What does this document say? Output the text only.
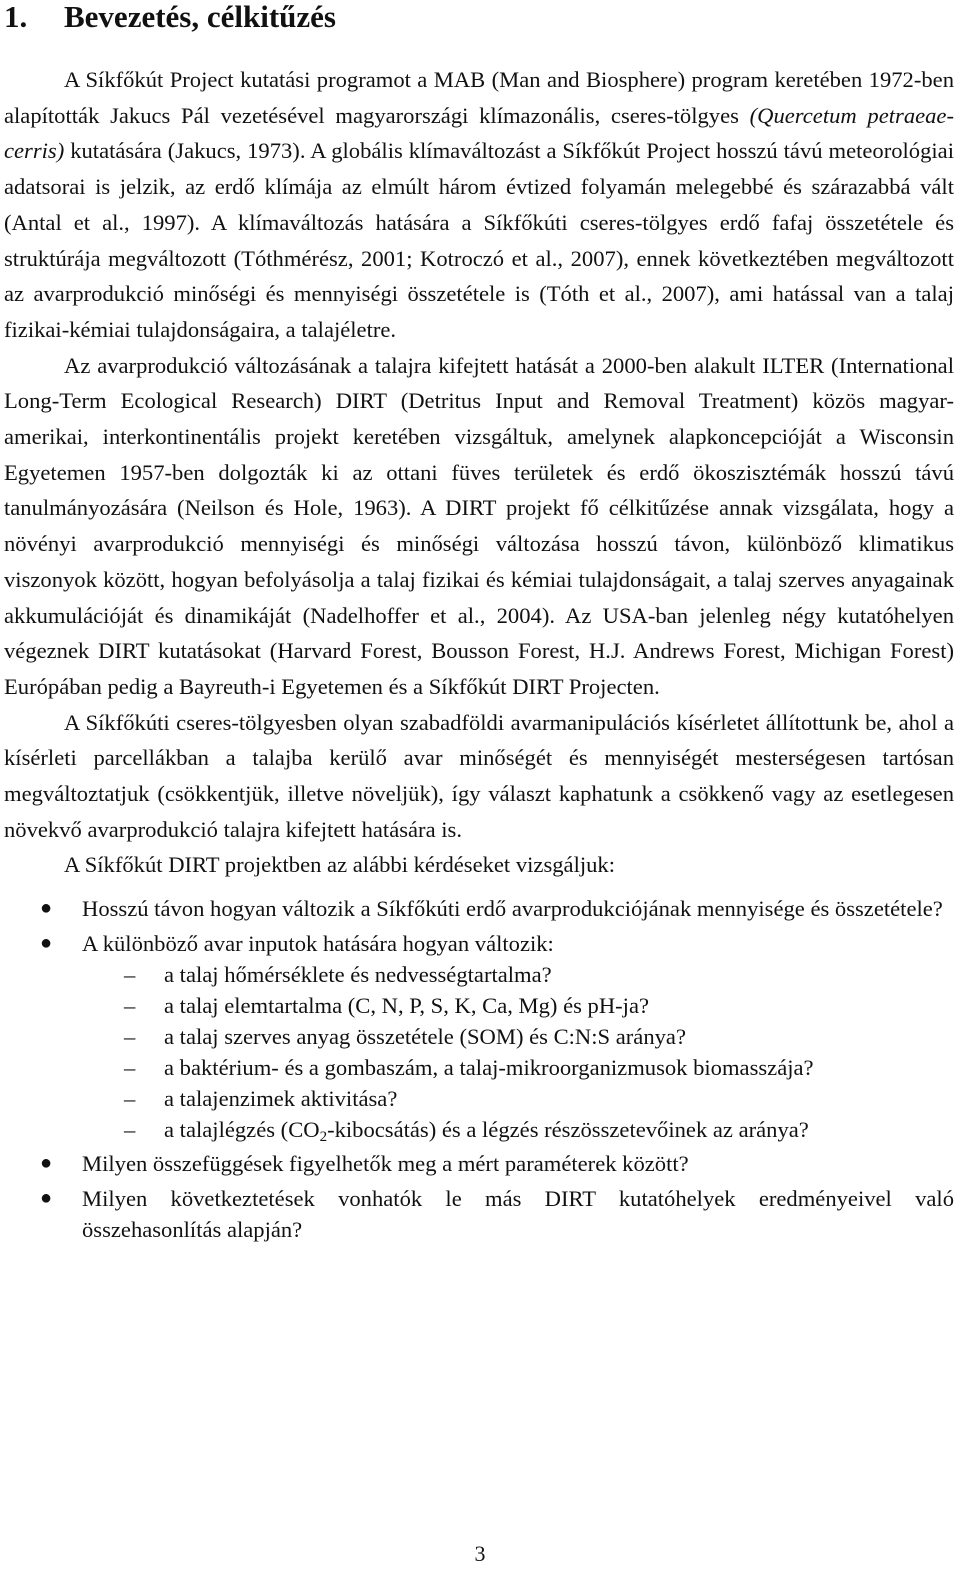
1. Bevezetés, célkitűzés

A Síkfőkút Project kutatási programot a MAB (Man and Biosphere) program keretében 1972-ben alapították Jakucs Pál vezetésével magyarországi klímazonális, cseres-tölgyes (Quercetum petraeae-cerris) kutatására (Jakucs, 1973). A globális klímaváltozást a Síkfőkút Project hosszú távú meteorológiai adatsorai is jelzik, az erdő klímája az elmúlt három évtized folyamán melegebbé és szárazabbá vált (Antal et al., 1997). A klímaváltozás hatására a Síkfőkúti cseres-tölgyes erdő fafaj összetétele és struktúrája megváltozott (Tóthmérész, 2001; Kotroczó et al., 2007), ennek következtében megváltozott az avarprodukció minőségi és mennyiségi összetétele is (Tóth et al., 2007), ami hatással van a talaj fizikai-kémiai tulajdonságaira, a talajéletre.

Az avarprodukció változásának a talajra kifejtett hatását a 2000-ben alakult ILTER (International Long-Term Ecological Research) DIRT (Detritus Input and Removal Treatment) közös magyar-amerikai, interkontinentális projekt keretében vizsgáltuk, amelynek alapkoncepcióját a Wisconsin Egyetemen 1957-ben dolgozták ki az ottani füves területek és erdő ökoszisztémák hosszú távú tanulmányozására (Neilson és Hole, 1963). A DIRT projekt fő célkitűzése annak vizsgálata, hogy a növényi avarprodukció mennyiségi és minőségi változása hosszú távon, különböző klimatikus viszonyok között, hogyan befolyásolja a talaj fizikai és kémiai tulajdonságait, a talaj szerves anyagainak akkumulációját és dinamikáját (Nadelhoffer et al., 2004). Az USA-ban jelenleg négy kutatóhelyen végeznek DIRT kutatásokat (Harvard Forest, Bousson Forest, H.J. Andrews Forest, Michigan Forest) Európában pedig a Bayreuth-i Egyetemen és a Síkfőkút DIRT Projecten.

A Síkfőkúti cseres-tölgyesben olyan szabadföldi avarmanipulációs kísérletet állítottunk be, ahol a kísérleti parcellákban a talajba kerülő avar minőségét és mennyiségét mesterségesen tartósan megváltoztatjuk (csökkentjük, illetve növeljük), így választ kaphatunk a csökkenő vagy az esetlegesen növekvő avarprodukció talajra kifejtett hatására is.

A Síkfőkút DIRT projektben az alábbi kérdéseket vizsgáljuk:
● Hosszú távon hogyan változik a Síkfőkúti erdő avarprodukciójának mennyisége és összetétele?
● A különböző avar inputok hatására hogyan változik:
–	a talaj hőmérséklete és nedvességtartalma?
–	a talaj elemtartalma (C, N, P, S, K, Ca, Mg) és pH-ja?
–	a talaj szerves anyag összetétele (SOM) és C:N:S aránya?
–	a baktérium- és a gombaszám, a talaj-mikroorganizmusok biomasszája?
–	a talajenzimek aktivitása?
–	a talajlégzés $(CO_2-kibocsátás)$ és a légzés részösszetevőinek az aránya?
● Milyen összefüggések figyelhetők meg a mért paraméterek között?
● Milyen következtetések vonhatók le más DIRT kutatóhelyek eredményeivel való összehasonlítás alapján?
3
